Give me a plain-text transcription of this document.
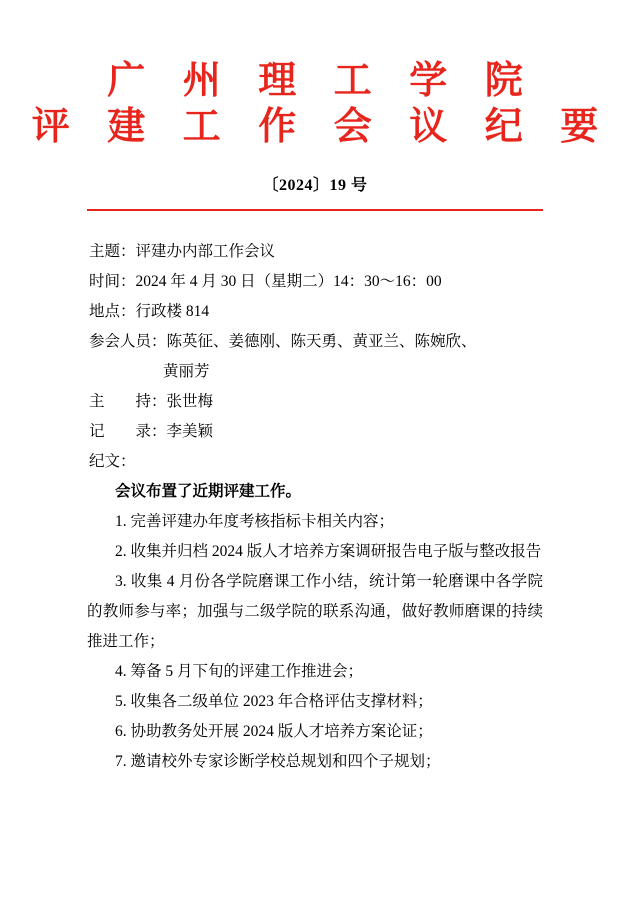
广 州 理 工 学 院
评 建 工 作 会 议 纪 要
〔2024〕19 号
主题：评建办内部工作会议
时间：2024 年 4 月 30 日（星期二）14：30～16：00
地点：行政楼 814
参会人员：陈英征、姜德刚、陈天勇、黄亚兰、陈婉欣、
黄丽芳
主　　持：张世梅
记　　录：李美颖
纪文：
会议布置了近期评建工作。
1. 完善评建办年度考核指标卡相关内容；
2. 收集并归档 2024 版人才培养方案调研报告电子版与整改报告
3. 收集 4 月份各学院磨课工作小结，统计第一轮磨课中各学院的教师参与率；加强与二级学院的联系沟通，做好教师磨课的持续推进工作；
4. 筹备 5 月下旬的评建工作推进会；
5. 收集各二级单位 2023 年合格评估支撑材料；
6. 协助教务处开展 2024 版人才培养方案论证；
7. 邀请校外专家诊断学校总规划和四个子规划；
